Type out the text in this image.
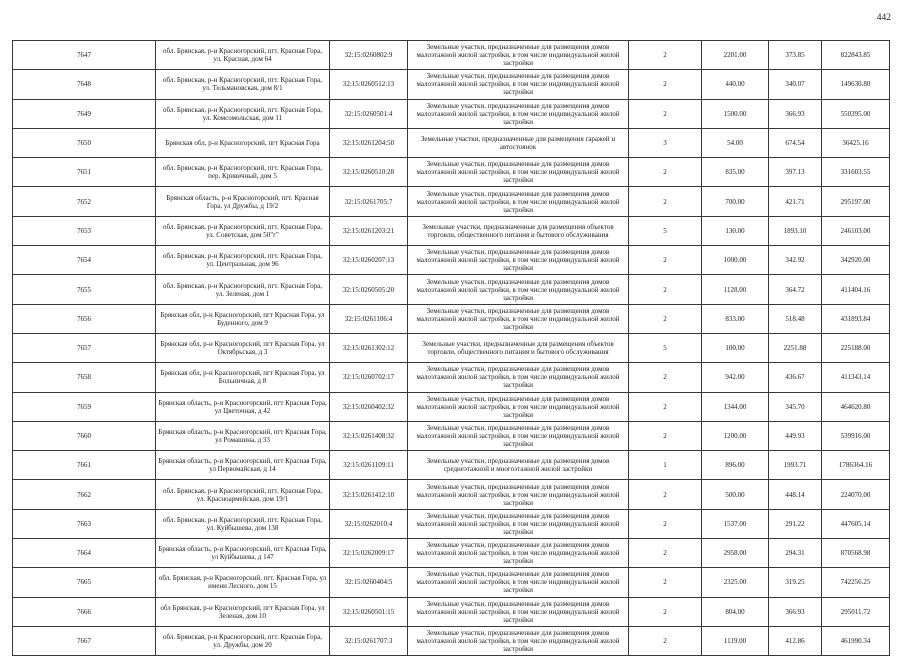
442
7647	обл. Брянская, р-н Красногорский, пгт. Красная Гора, ул. Красная, дом 64	32:15:0260802:9	Земельные участки, предназначенные для размещения домов малоэтажной жилой застройки, в том числе индивидуальной жилой застройки	2	2201.00	373.85	822843.85
7648	обл. Брянская, р-н Красногорский, пгт. Красная Гора, ул. Тельмановская, дом 8/1	32:15:0260512:13	Земельные участки, предназначенные для размещения домов малоэтажной жилой застройки, в том числе индивидуальной жилой застройки	2	440.00	340.07	149630.80
7649	обл. Брянская, р-н Красногорский, пгт. Красная Гора, ул. Комсомольская, дом 11	32:15:0260501:4	Земельные участки, предназначенные для размещения домов малоэтажной жилой застройки, в том числе индивидуальной жилой застройки	2	1500.00	366.93	550395.00
7650	Брянская обл, р-н Красногорский, пгт Красная Гора	32:15:0261204:50	Земельные участки, предназначенные для размещения гаражей и автостоянок	3	54.00	674.54	36425.16
7651	обл. Брянская, р-н Красногорский, пгт. Красная Гора, пер. Кривичный, дом 5	32:15:0260510:28	Земельные участки, предназначенные для размещения домов малоэтажной жилой застройки, в том числе индивидуальной жилой застройки	2	835.00	397.13	331603.55
7652	Брянская область, р-н Красногорский, пгт. Красная Гора, ул Дружбы, д 19/2	32:15:0261705:7	Земельные участки, предназначенные для размещения домов малоэтажной жилой застройки, в том числе индивидуальной жилой застройки	2	700.00	421.71	295197.00
7653	обл. Брянская, р-н Красногорский, пгт. Красная Гора, ул. Советская, дом 50"г"	32:15:0261203:21	Земельные участки, предназначенные для размещения объектов торговли, общественного питания и бытового обслуживания	5	130.00	1893.10	246103.00
7654	обл. Брянская, р-н Красногорский, пгт. Красная Гора, ул. Центральная, дом 96	32:15:0260207:13	Земельные участки, предназначенные для размещения домов малоэтажной жилой застройки, в том числе индивидуальной жилой застройки	2	1000.00	342.92	342920.00
7655	обл. Брянская, р-н Красногорский, пгт. Красная Гора, ул. Зеленая, дом 1	32:15:0260505:20	Земельные участки, предназначенные для размещения домов малоэтажной жилой застройки, в том числе индивидуальной жилой застройки	2	1128.00	364.72	411404.16
7656	Брянская обл, р-н Красногорский, пгт Красная Гора, ул Буденного, дом 9	32:15:0261106:4	Земельные участки, предназначенные для размещения домов малоэтажной жилой застройки, в том числе индивидуальной жилой застройки	2	833.00	518.48	431893.84
7657	Брянская обл, р-н Красногорский, пгт Красная Гора, ул Октябрьская, д 3	32:15:0261302:12	Земельные участки, предназначенные для размещения объектов торговли, общественного питания и бытового обслуживания	5	100.00	2251.88	225188.00
7658	Брянская обл, р-н Красногорский, пгт Красная Гора, ул Больничная, д 8	32:15:0260702:17	Земельные участки, предназначенные для размещения домов малоэтажной жилой застройки, в том числе индивидуальной жилой застройки	2	942.00	436.67	411343.14
7659	Брянская область, р-н Красногорский, пгт Красная Гора, ул Цветочная, д 42	32:15:0260402:32	Земельные участки, предназначенные для размещения домов малоэтажной жилой застройки, в том числе индивидуальной жилой застройки	2	1344.00	345.70	464620.80
7660	Брянская область, р-н Красногорский, пгт Красная Гора, ул Ромашина, д 33	32:15:0261408:32	Земельные участки, предназначенные для размещения домов малоэтажной жилой застройки, в том числе индивидуальной жилой застройки	2	1200.00	449.93	539916.00
7661	Брянская область, р-н Красногорский, пгт Красная Гора, ул Первомайская, д 14	32:15:0261109:11	Земельные участки, предназначенные для размещения домов среднеэтажной и многоэтажной жилой застройки	1	896.00	1993.71	1786364.16
7662	обл. Брянская, р-н Красногорский, пгт. Красная Гора, ул. Красноармейская, дом 19/1	32:15:0261412:10	Земельные участки, предназначенные для размещения домов малоэтажной жилой застройки, в том числе индивидуальной жилой застройки	2	500.00	448.14	224070.00
7663	обл. Брянская, р-н Красногорский, пгт. Красная Гора, ул. Куйбышева, дом 138	32:15:0262010:4	Земельные участки, предназначенные для размещения домов малоэтажной жилой застройки, в том числе индивидуальной жилой застройки	2	1537.00	291.22	447605.14
7664	Брянская область, р-н Красногорский, пгт Красная Гора, ул Куйбышева, д 147	32:15:0262009:17	Земельные участки, предназначенные для размещения домов малоэтажной жилой застройки, в том числе индивидуальной жилой застройки	2	2958.00	294.31	870568.98
7665	обл. Брянская, р-н Красногорский, пгт. Красная Гора, ул имени Лесного, дом 15	32:15:0260404:5	Земельные участки, предназначенные для размещения домов малоэтажной жилой застройки, в том числе индивидуальной жилой застройки	2	2325.00	319.25	742256.25
7666	обл Брянская, р-н Красногорский, пгт Красная Гора, ул Зеленая, дом 10	32:15:0260501:15	Земельные участки, предназначенные для размещения домов малоэтажной жилой застройки, в том числе индивидуальной жилой застройки	2	804.00	366.93	295011.72
7667	обл. Брянская, р-н Красногорский, пгт. Красная Гора, ул. Дружбы, дом 20	32:15:0261707:3	Земельные участки, предназначенные для размещения домов малоэтажной жилой застройки, в том числе индивидуальной жилой застройки	2	1119.00	412.86	461990.34
